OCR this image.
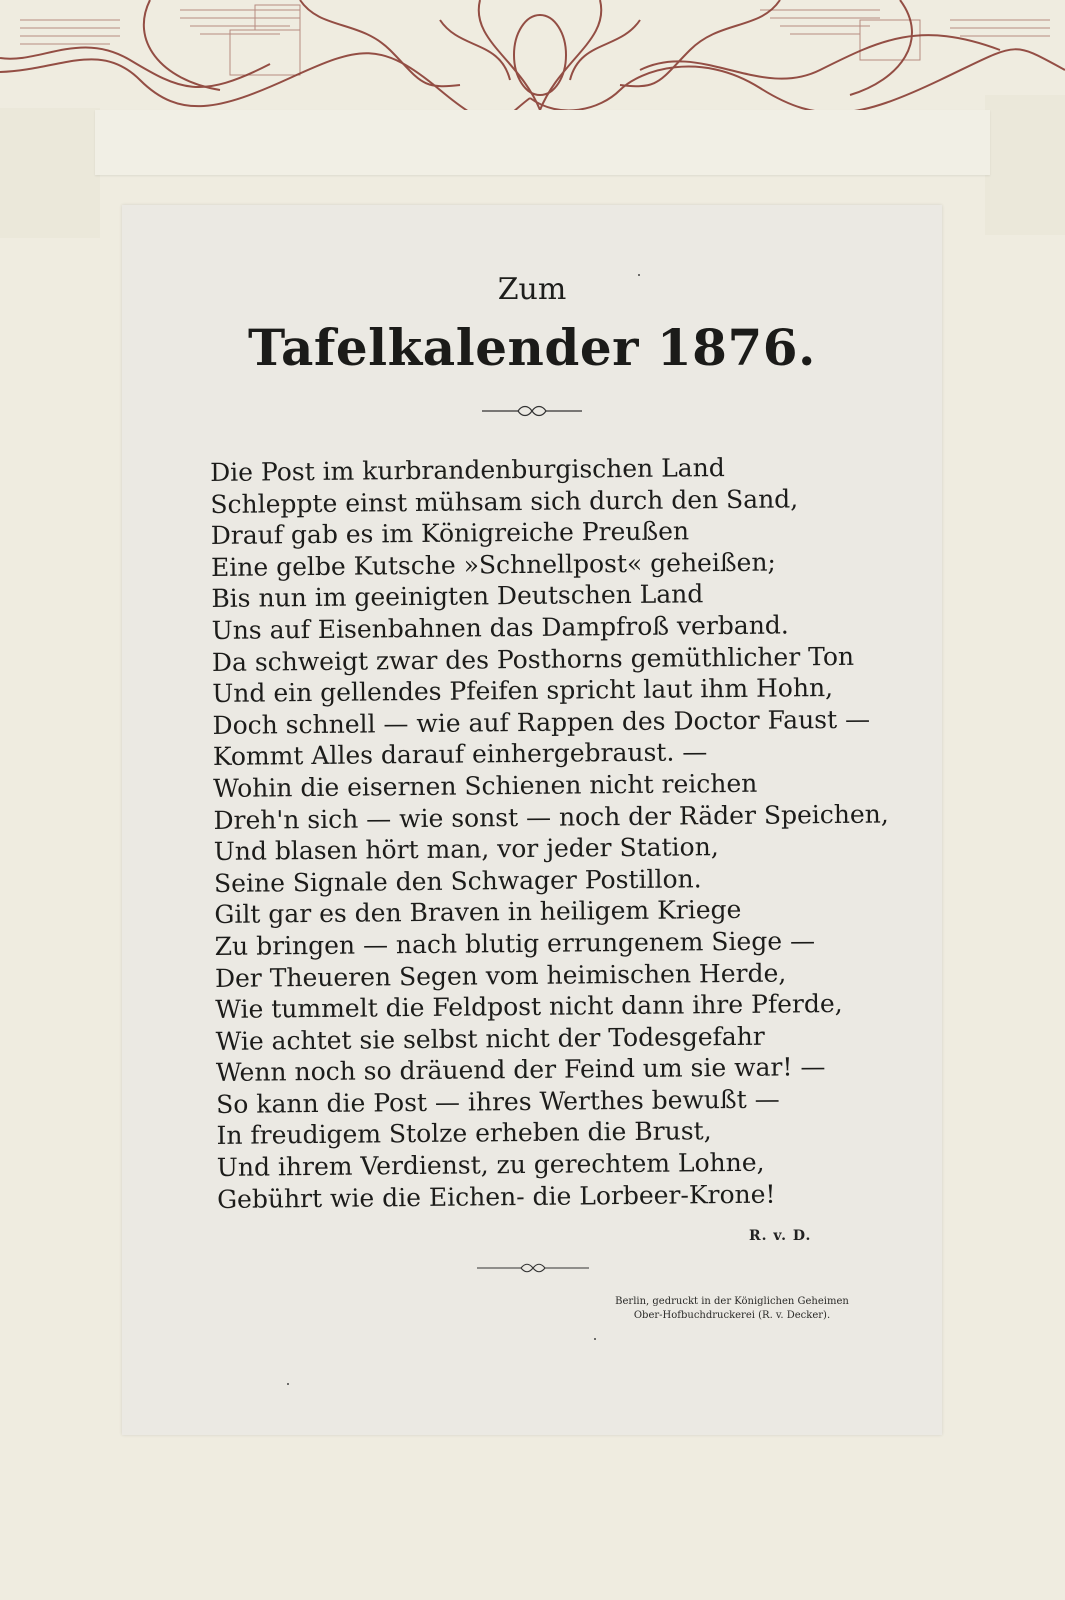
Zum
Tafelkalender 1876.
Die Post im kurbrandenburgischen Land
Schleppte einst mühsam sich durch den Sand,
Drauf gab es im Königreiche Preußen
Eine gelbe Kutsche »Schnellpost« geheißen;
Bis nun im geeinigten Deutschen Land
Uns auf Eisenbahnen das Dampfroß verband.
Da schweigt zwar des Posthorns gemüthlicher Ton
Und ein gellendes Pfeifen spricht laut ihm Hohn,
Doch schnell — wie auf Rappen des Doctor Faust —
Kommt Alles darauf einhergebraust. —
Wohin die eisernen Schienen nicht reichen
Dreh'n sich — wie sonst — noch der Räder Speichen,
Und blasen hört man, vor jeder Station,
Seine Signale den Schwager Postillon.
Gilt gar es den Braven in heiligem Kriege
Zu bringen — nach blutig errungenem Siege —
Der Theueren Segen vom heimischen Herde,
Wie tummelt die Feldpost nicht dann ihre Pferde,
Wie achtet sie selbst nicht der Todesgefahr
Wenn noch so dräuend der Feind um sie war! —
So kann die Post — ihres Werthes bewußt —
In freudigem Stolze erheben die Brust,
Und ihrem Verdienst, zu gerechtem Lohne,
Gebührt wie die Eichen- die Lorbeer-Krone!
R. v. D.
Berlin, gedruckt in der Königlichen Geheimen
Ober-Hofbuchdruckerei (R. v. Decker).
